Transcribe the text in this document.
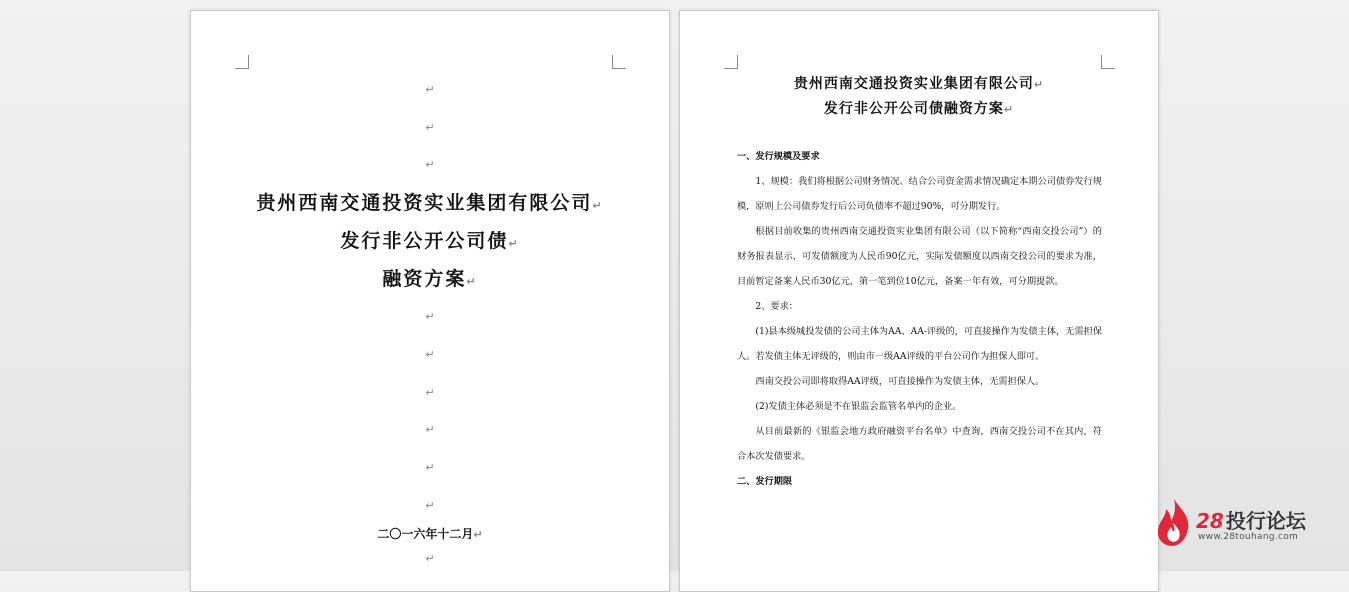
↵
↵
↵
贵州西南交通投资实业集团有限公司↵
发行非公开公司债↵
融资方案↵
↵
↵
↵
↵
↵
↵
二〇一六年十二月↵
↵
贵州西南交通投资实业集团有限公司↵
发行非公开公司债融资方案↵

一、发行规模及要求

1、规模：我们将根据公司财务情况、结合公司资金需求情况确定本期公司债券发行规模，原则上公司债券发行后公司负债率不超过90%，可分期发行。

根据目前收集的贵州西南交通投资实业集团有限公司（以下简称“西南交投公司”）的财务报表显示，可发债额度为人民币90亿元，实际发债额度以西南交投公司的要求为准，目前暂定备案人民币30亿元，第一笔到位10亿元，备案一年有效，可分期提款。

2、要求：

(1)县本级城投发债的公司主体为AA、AA-评级的，可直接操作为发债主体，无需担保人。若发债主体无评级的，则由市一级AA评级的平台公司作为担保人即可。

西南交投公司即将取得AA评级，可直接操作为发债主体，无需担保人。

(2)发债主体必须是不在银监会监管名单内的企业。

从目前最新的《银监会地方政府融资平台名单》中查询，西南交投公司不在其内，符合本次发债要求。

二、发行期限

28 投行论坛
www.28touhang.com
